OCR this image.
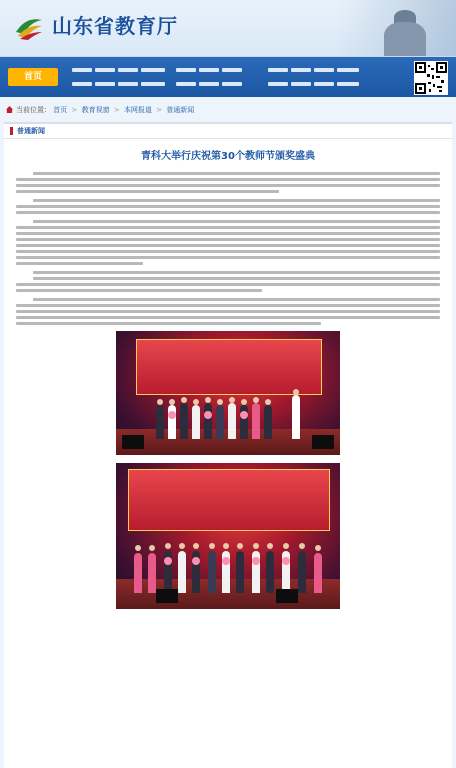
山东省教育厅
首页
当前位置： 首页 > 教育视窗 > 本网报道 > 普通新闻
普通新闻
青科大举行庆祝第30个教师节颁奖盛典
